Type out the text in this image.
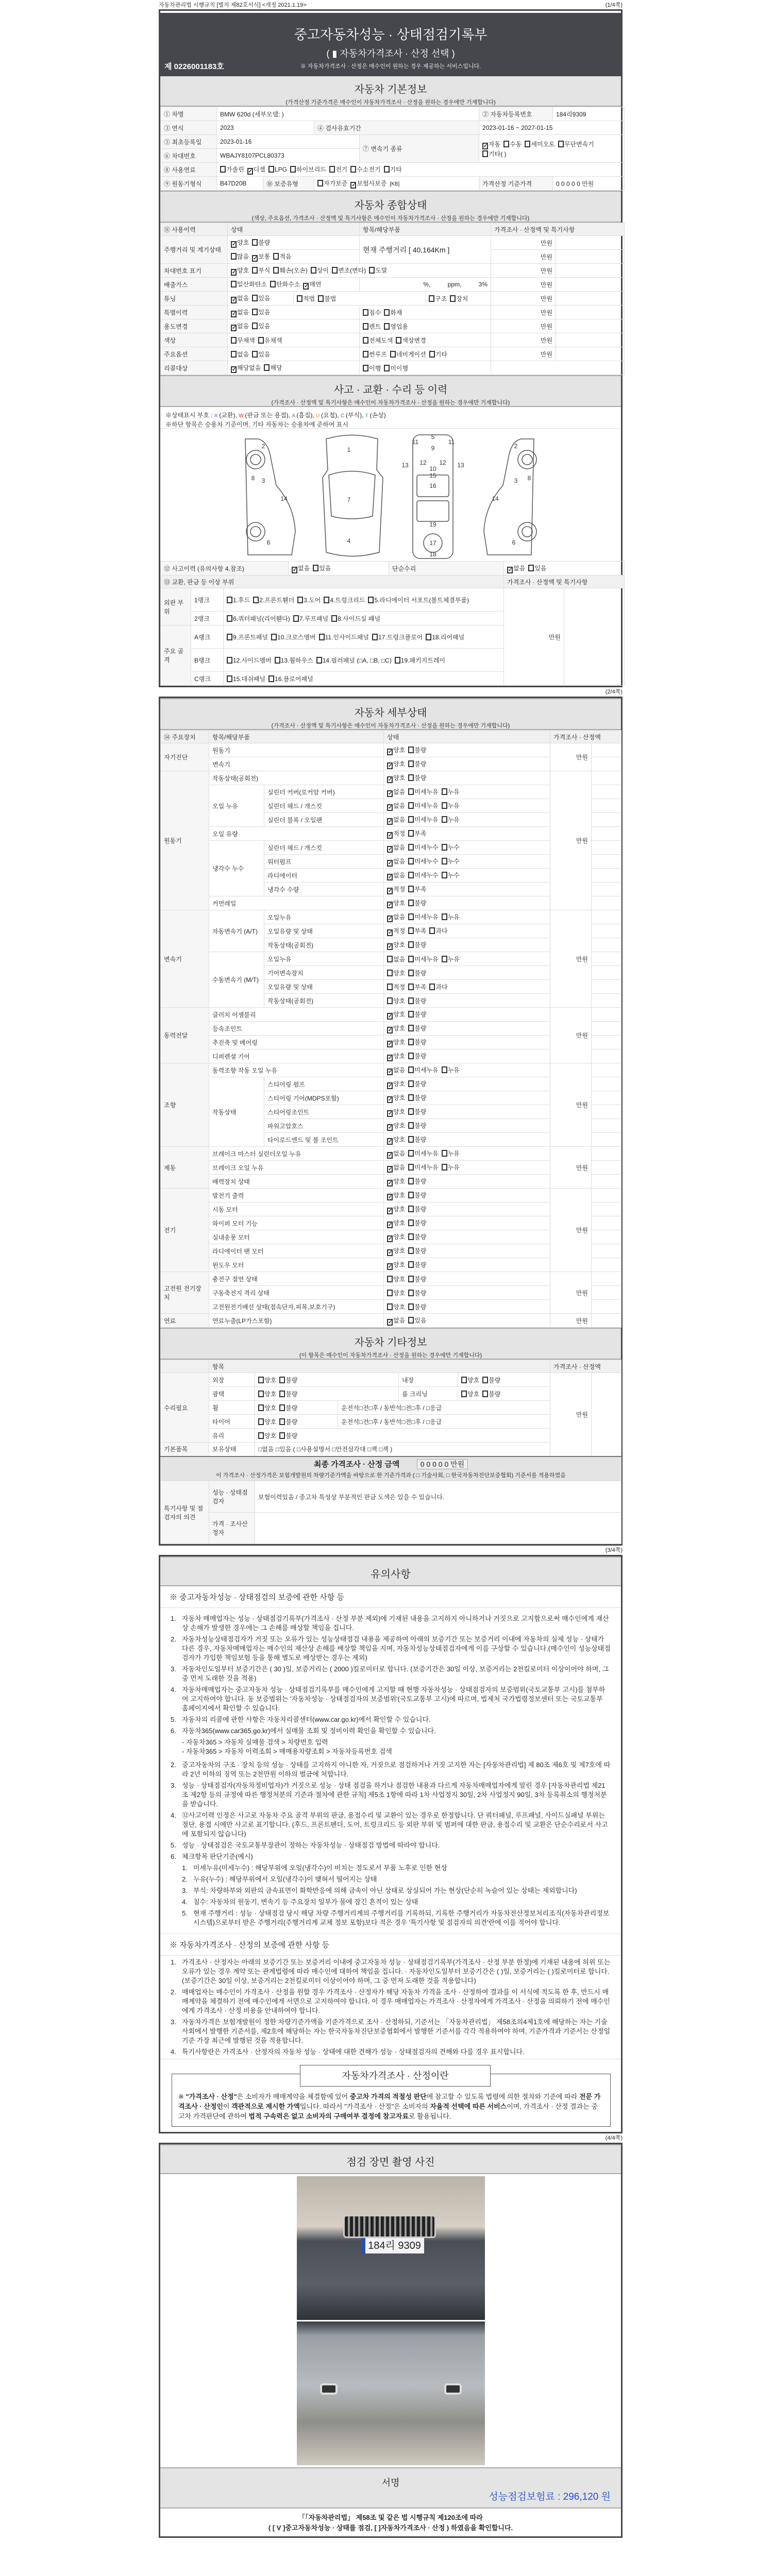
자동차관리법 시행규칙 [별지 제82호서식] <개정 2021.1.19>	(1/4쪽)
중고자동차성능 · 상태점검기록부
( ▮ 자동차가격조사 · 산정 선택 )
※ 자동차가격조사 · 산정은 매수인이 원하는 경우 제공하는 서비스입니다.
제 0226001183호
자동차 기본정보
(가격산정 기준가격은 매수인이 자동차가격조사 · 산정을 원하는 경우에만 기재합니다)
① 차명	BMW 620d (세부모델: )				② 자동차등록번호	184리9309
③ 연식	2023		④ 검사유효기간		2023-01-16 ~ 2027-01-15	
⑤ 최초등록일	2023-01-16			⑦ 변속기 종류	✓ 자동 수동 세미오토 무단변속기기타( )	
⑥ 차대번호	WBAJY8107PCL80373					
⑧ 사용연료	가솔린 ✓ 디젤 LPG 하이브리드 전기 수소전기 기타					
⑨ 원동기형식	B47D20B	⑩ 보증유형	자가보증 ✓ 보험사보증 [KB]		가격산정 기준가격	0 0 0 0 0 만원
자동차 종합상태
(색상, 주요옵션, 가격조사 · 산정액 및 특기사항은 매수인이 자동차가격조사 · 산정을 원하는 경우에만 기재합니다)
⑪ 사용이력	상태		항목/해당부품		가격조사 · 산정액 및 특기사항	
주행거리 및 계기상태	✓ 양호 불량		현재 주행거리 [ 40,164Km ]		만원	
	많음 ✓ 보통 적음				만원	
차대번호 표기	✓ 양호 부식 훼손(오손) 상이 변조(변타) 도말				만원	
배출가스	일산화탄소 탄화수소 ✓ 매연		%,          ppm,          3%		만원	
튜닝	✓ 없음 있음	적법 불법		구조 장치	만원	
특별이력	✓ 없음 있음		침수 화재		만원	
용도변경	✓ 없음 있음		렌트 영업용		만원	
색상	무채색 유채색		전체도색 색상변경		만원	
주요옵션	없음 있음		썬루프 네비게이션 기타		만원	
리콜대상	✓ 해당없음 해당		이행 미이행			
사고 · 교환 · 수리 등 이력
(가격조사 · 산정액 및 특기사항은 매수인이 자동차가격조사 · 산정을 원하는 경우에만 기재합니다)
※상태표시 부호 : X (교환), W (판금 또는 용접), A (흠집), U (요철), C (부식), T (손상)
※하단 항목은 승용차 기준이며, 기타 자동차는 승용차에 준하여 표시
1
2
3
4
5
6
7
8
9
10
11
12
13
14
15
16
17
18
19
2
3
6
8
14
11
12 13
⑫ 사고이력 (유의사항 4.참조)			✓ 없음 있음	단순수리	✓ 없음 있음	
⑬ 교환, 판금 등 이상 부위					가격조사 · 산정액 및 특기사항	
외판 부위	1랭크	1.후드 2.프론트휀더 3.도어 4.트렁크리드 5.라디에이터 서포트(볼트체결부품)			만원	
	2랭크	6.쿼터패널(리어휀다) 7.루프패널 8.사이드실 패널				
주요 골격	A랭크	9.프론트패널 10.크로스멤버 11.인사이드패널 17.트렁크플로어 18.리어패널				
	B랭크	12.사이드멤버 13.휠하우스 14.필러패널 (□A, □B, □C) 19.패키지트레이				
	C랭크	15.대쉬패널 16.플로어패널				
(2/4쪽)
자동차 세부상태
(가격조사 · 산정액 및 특기사항은 매수인이 자동차가격조사 · 산정을 원하는 경우에만 기재합니다)
⑭ 주요장치	항목/해당부품		상태	가격조사 · 산정액	
자기진단	원동기		✓ 양호 불량	만원	
	변속기		✓ 양호 불량		
원동기	작동상태(공회전)		✓ 양호 불량	만원	
	오일 누유	실린더 커버(로커암 커버)	✓ 없음 미세누유 누유		
		실린더 헤드 / 개스킷	✓ 없음 미세누유 누유		
		실린더 블록 / 오일팬	✓ 없음 미세누유 누유		
	오일 유량		✓ 적정 부족		
	냉각수 누수	실린더 헤드 / 개스킷	✓ 없음 미세누수 누수		
		워터펌프	✓ 없음 미세누수 누수		
		라디에이터	✓ 없음 미세누수 누수		
		냉각수 수량	✓ 적정 부족		
	커먼레일		✓ 양호 불량		
변속기	자동변속기 (A/T)	오일누유	✓ 없음 미세누유 누유	만원	
		오일유량 및 상태	✓ 적정 부족 과다		
		작동상태(공회전)	✓ 양호 불량		
	수동변속기 (M/T)	오일누유	없음 미세누유 누유		
		기어변속장치	양호 불량		
		오일유량 및 상태	적정 부족 과다		
		작동상태(공회전)	양호 불량		
동력전달	클러치 어셈블리		✓ 양호 불량	만원	
	등속조인트		✓ 양호 불량		
	추진축 및 베어링		✓ 양호 불량		
	디퍼렌셜 기어		✓ 양호 불량		
조향	동력조향 작동 오일 누유		✓ 없음 미세누유 누유	만원	
	작동상태	스티어링 펌프	✓ 양호 불량		
		스티어링 기어(MDPS포함)	✓ 양호 불량		
		스티어링조인트	✓ 양호 불량		
		파워고압호스	✓ 양호 불량		
		타이로드엔드 및 볼 조인트	✓ 양호 불량		
제동	브레이크 마스터 실린더오일 누유		✓ 없음 미세누유 누유	만원	
	브레이크 오일 누유		✓ 없음 미세누유 누유		
	배력장치 상태		✓ 양호 불량		
전기	발전기 출력		✓ 양호 불량	만원	
	시동 모터		✓ 양호 불량		
	와이퍼 모터 기능		✓ 양호 불량		
	실내송풍 모터		✓ 양호 불량		
	라디에이터 팬 모터		✓ 양호 불량		
	윈도우 모터		✓ 양호 불량		
고전원 전기장치	충전구 절연 상태		양호 불량	만원	
	구동축전지 격리 상태		양호 불량		
	고전원전기배선 상태(접속단자,피복,보호기구)		양호 불량		
연료	연료누출(LP가스포함)		✓ 없음 있음	만원	
자동차 기타정보
(이 항목은 매수인이 자동차가격조사 · 산정을 원하는 경우에만 기재합니다)
	항목					가격조사 · 산정액	
수리필요	외장	양호 불량		내장	양호 불량	만원	
	광택	양호 불량		룸 크리닝	양호 불량		
	휠	양호 불량	운전석□전□후 / 동반석□전□후 / □응급				
	타이어	양호 불량	운전석□전□후 / 동반석□전□후 / □응급				
	유리	양호 불량					
기본품목	보유상태	□없음 □있음 ( □사용설명서 □안전삼각대 □잭 □잭 )					

최종 가격조사 · 산정 금액 0 0 0 0 0 만원
이 가격조사 · 산정가격은 보험개발원의 차량기준가액을 바탕으로 한 기준가격과 ( □ 기술사회, □ 한국자동차진단보증협회) 기준서를 적용하였음							

특기사항 및 점검자의 의견	성능 · 상태점검자	보험이력있음 / 중고차 특성상 부분적인 판금 도색은 있을 수 있습니다.					
	가격 · 조사산정자						
(3/4쪽)
유의사항
※ 중고자동차성능 · 상태점검의 보증에 관한 사항 등
1. 자동차 매매업자는 성능 · 상태점검기록부(가격조사 · 산정 부분 제외)에 기재된 내용을 고지하지 아니하거나 거짓으로 고지함으로써 매수인에게 재산상 손해가 발생한 경우에는 그 손해를 배상할 책임을 집니다.
2. 자동차성능상태점검자가 거짓 또는 오류가 있는 성능상태점검 내용을 제공하여 아래의 보증기간 또는 보증거리 이내에 자동차의 실제 성능 · 상태가 다른 경우, 자동차매매업자는 매수인의 재산상 손해를 배상할 책임을 지며, 자동차성능상태점검자에게 이를 구상할 수 있습니다.(매수인이 성능상태점검자가 가입한 책임보험 등을 통해 별도로 배상받는 경우는 제외)
3. 자동차인도일부터 보증기간은 ( 30 )일, 보증거리는 ( 2000 )킬로미터로 합니다. (보증기간은 30일 이상, 보증거리는 2천킬로미터 이상이어야 하며, 그 중 먼저 도래한 것을 적용)
4. 자동차매매업자는 중고자동차 성능 · 상태점검기록부를 매수인에게 고지할 때 현행 자동차성능 · 상태점검자의 보증범위(국토교통부 고시)를 첨부하여 고지하여야 합니다. 동 보증범위는 '자동차성능 · 상태점검자의 보증범위'(국토교통부 고시)에 따르며, 법제처 국가법령정보센터 또는 국토교통부 홈페이지에서 확인할 수 있습니다.
5. 자동차의 리콜에 관한 사항은 자동차리콜센터(www.car.go.kr)에서 확인할 수 있습니다.
6. 자동차365(www.car365.go.kr)에서 실매물 조회 및 정비이력 확인을 확인할 수 있습니다.
- 자동차365 > 자동차 실매물 검색 > 차량번호 입력
- 자동차365 > 자동차 이력조회 > 매매용차량조회 > 자동차등록번호 검색
2. 중고자동차의 구조 · 장치 등의 성능 · 상태를 고지하지 아니한 자, 거짓으로 점검하거나 거짓 고지한 자는 [자동차관리법] 제 80조 제6호 및 제7호에 따라 2년 이하의 징역 또는 2천만원 이하의 벌금에 처합니다.
3. 성능 · 상태점검자(자동차정비업자)가 거짓으로 성능 · 상태 점검을 하거나 점검한 내용과 다르게 자동차매매업자에게 알린 경우 [자동차관리법 제21조 제2항 등의 규정에 따른 행정처분의 기준과 절차에 관한 규칙] 제5조 1항에 따라 1차 사업정지 30일, 2차 사업정지 90일, 3차 등록취소의 행정처분을 받습니다.
4. ⑫사고이력 인정은 사고로 자동차 주요 골격 부위의 판금, 용접수리 및 교환이 있는 경우로 한정합니다. 단 쿼터패널, 루프패널, 사이드실패널 부위는 절단, 용접 시에만 사고로 표기합니다. (후드, 프론트펜더, 도어, 트렁크리드 등 외판 부위 및 범퍼에 대한 판금, 용접수리 및 교환은 단순수리로서 사고에 포함되지 않습니다)
5. 성능 · 상태점검은 국토교통부장관이 정하는 자동차성능 · 상태점검 방법에 따라야 합니다.
6. 체크항목 판단기준(예시)
1. 미세누유(미세누수) : 해당부위에 오일(냉각수)이 비치는 정도로서 부품 노후로 인한 현상
2. 누유(누수) : 해당부위에서 오일(냉각수)이 맺혀서 떨어지는 상태
3. 부식: 차량하부와 외판의 금속표면이 화학반응에 의해 금속이 아닌 상태로 상실되어 가는 현상(단순히 녹슬어 있는 상태는 제외합니다)
4. 침수: 자동차의 원동기, 변속기 등 주요장치 일부가 물에 잠긴 흔적이 있는 상태
5. 현재 주행거리 : 성능 · 상태점검 당시 해당 차량 주행거리계의 주행거리를 기록하되, 기록한 주행거리가 자동차전산정보처리조직(자동차관리정보시스템)으로부터 받은 주행거리(주행거리계 교체 정보 포함)보다 적은 경우 '특기사항 및 점검자의 의견'란에 이를 적어야 합니다.
※ 자동차가격조사 · 산정의 보증에 관한 사항 등
1. 가격조사 · 산정자는 아래의 보증기간 또는 보증거리 이내에 중고자동차 성능 · 상태점검기록부(가격조사 · 산정 부분 한정)에 기재된 내용에 허위 또는 오류가 있는 경우 계약 또는 관계법령에 따라 매수인에 대하여 책임을 집니다. · 자동차인도일부터 보증기간은 ( )일, 보증거리는 ( )킬로미터로 합니다. (보증기간은 30일 이상, 보증거리는 2천킬로미터 이상이어야 하며, 그 중 먼저 도래한 것을 적용합니다)
2. 매매업자는 매수인이 가격조사 · 산정을 원할 경우 가격조사 · 산정자가 해당 자동차 가격을 조사 · 산정하여 결과를 이 서식에 적도록 한 후, 반드시 매매계약을 체결하기 전에 매수인에게 서면으로 고지하여야 합니다. 이 경우 매매업자는 가격조사 · 산정자에게 가격조사 · 산정을 의뢰하기 전에 매수인에게 가격조사 · 산정 비용을 안내하여야 합니다.
3. 자동차가격은 보험개발원이 정한 차량기준가액을 기준가격으로 조사 · 산정하되, 기준서는 「자동차관리법」 제58조의4제1호에 해당하는 자는 기술사회에서 발행한 기준서를, 제2호에 해당하는 자는 한국자동차진단보증협회에서 발행한 기준서를 각각 적용하여야 하며, 기준가격과 기준서는 산정일 기준 가장 최근에 발행된 것을 적용합니다.
4. 특기사항란은 가격조사 · 산정자의 자동차 성능 · 상태에 대한 견해가 성능 · 상태점검자의 견해와 다를 경우 표시합니다.
자동차가격조사 · 산정이란

※ "가격조사 · 산정"은 소비자가 매매계약을 체결함에 있어 중고차 가격의 적절성 판단에 참고할 수 있도록 법령에 의한 절차와 기준에 따라 전문 가격조사 · 산정인이 객관적으로 제시한 가액입니다. 따라서 "가격조사 · 산정"은 소비자의 자율적 선택에 따른 서비스이며, 가격조사 · 산정 결과는 중고차 가격판단에 관하여 법적 구속력은 없고 소비자의 구매여부 결정에 참고자료로 활용됩니다.

(4/4쪽)
점검 장면 촬영 사진
184리 9309
서명
성능점검보험료 : 296,120 원
「「자동차관리법」 제58조 및 같은 법 시행규칙 제120조에 따라
( [ V ]중고자동차성능 · 상태를 점검, [ ]자동차가격조사 · 산정 ) 하였음을 확인합니다.
